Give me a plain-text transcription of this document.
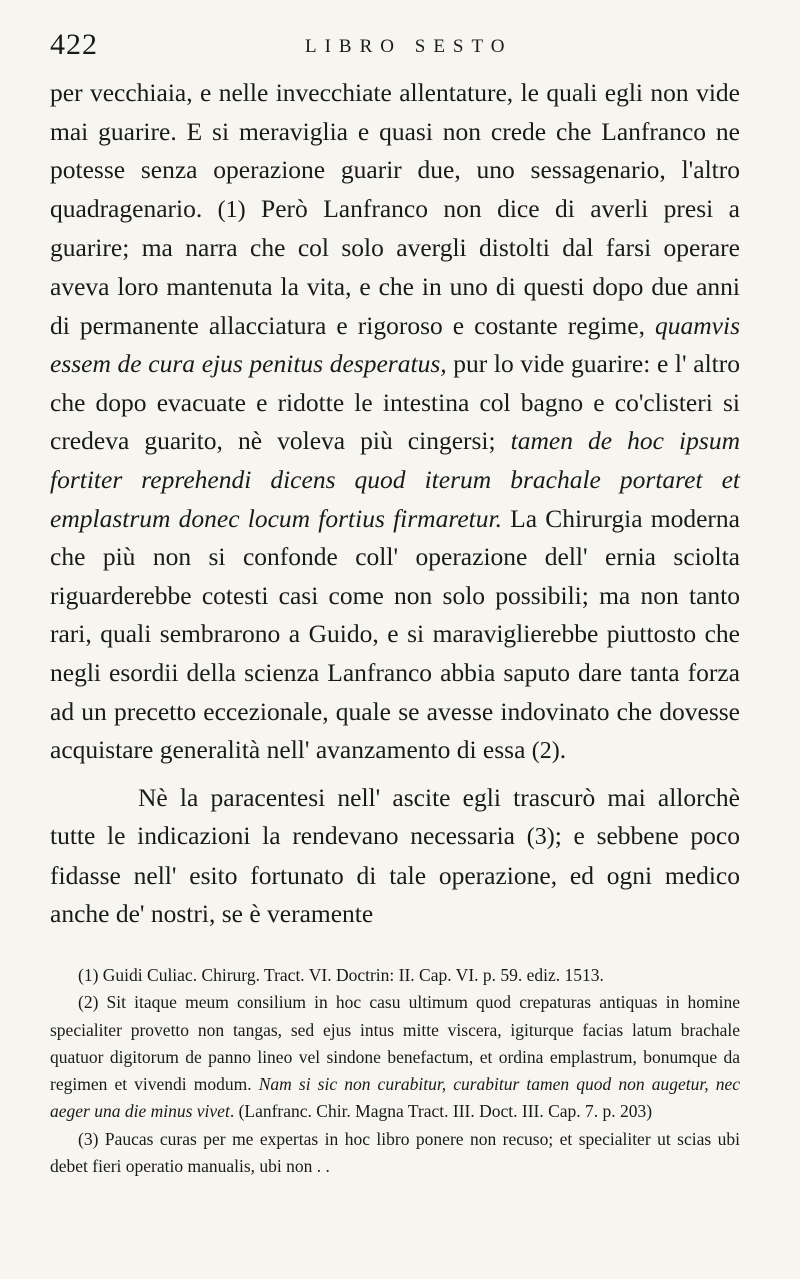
422	LIBRO SESTO

per vecchiaia, e nelle invecchiate allentature, le quali egli non vide mai guarire. E si meraviglia e quasi non crede che Lanfranco ne potesse senza operazione guarir due, uno sessagenario, l'altro quadragenario. (1) Però Lanfranco non dice di averli presi a guarire; ma narra che col solo avergli distolti dal farsi operare aveva loro mantenuta la vita, e che in uno di questi dopo due anni di permanente allacciatura e rigoroso e costante regime, quamvis essem de cura ejus penitus desperatus, pur lo vide guarire: e l' altro che dopo evacuate e ridotte le intestina col bagno e co'clisteri si credeva guarito, nè voleva più cingersi; tamen de hoc ipsum fortiter reprehendi dicens quod iterum brachale portaret et emplastrum donec locum fortius firmaretur. La Chirurgia moderna che più non si confonde coll' operazione dell' ernia sciolta riguarderebbe cotesti casi come non solo possibili; ma non tanto rari, quali sembrarono a Guido, e si maraviglierebbe piuttosto che negli esordii della scienza Lanfranco abbia saputo dare tanta forza ad un precetto eccezionale, quale se avesse indovinato che dovesse acquistare generalità nell' avanzamento di essa (2).

Nè la paracentesi nell' ascite egli trascurò mai allorchè tutte le indicazioni la rendevano necessaria (3); e sebbene poco fidasse nell' esito fortunato di tale operazione, ed ogni medico anche de' nostri, se è veramente

(1) Guidi Culiac. Chirurg. Tract. VI. Doctrin: II. Cap. VI. p. 59. ediz. 1513.

(2) Sit itaque meum consilium in hoc casu ultimum quod crepaturas antiquas in homine specialiter provetto non tangas, sed ejus intus mitte viscera, igiturque facias latum brachale quatuor digitorum de panno lineo vel sindone benefactum, et ordina emplastrum, bonumque da regimen et vivendi modum. Nam si sic non curabitur, curabitur tamen quod non augetur, nec aeger una die minus vivet. (Lanfranc. Chir. Magna Tract. III. Doct. III. Cap. 7. p. 203)

(3) Paucas curas per me expertas in hoc libro ponere non recuso; et specialiter ut scias ubi debet fieri operatio manualis, ubi non . .
